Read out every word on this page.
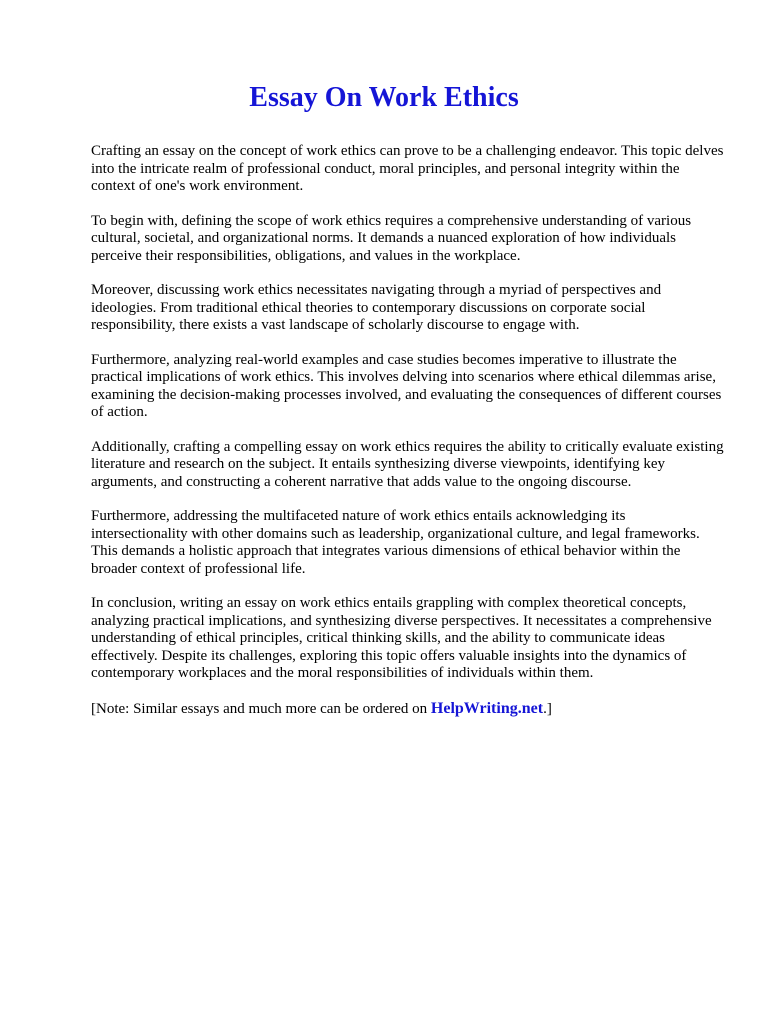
Essay On Work Ethics

Crafting an essay on the concept of work ethics can prove to be a challenging endeavor. This topic delves into the intricate realm of professional conduct, moral principles, and personal integrity within the context of one's work environment.

To begin with, defining the scope of work ethics requires a comprehensive understanding of various cultural, societal, and organizational norms. It demands a nuanced exploration of how individuals perceive their responsibilities, obligations, and values in the workplace.

Moreover, discussing work ethics necessitates navigating through a myriad of perspectives and ideologies. From traditional ethical theories to contemporary discussions on corporate social responsibility, there exists a vast landscape of scholarly discourse to engage with.

Furthermore, analyzing real-world examples and case studies becomes imperative to illustrate the practical implications of work ethics. This involves delving into scenarios where ethical dilemmas arise, examining the decision-making processes involved, and evaluating the consequences of different courses of action.

Additionally, crafting a compelling essay on work ethics requires the ability to critically evaluate existing literature and research on the subject. It entails synthesizing diverse viewpoints, identifying key arguments, and constructing a coherent narrative that adds value to the ongoing discourse.

Furthermore, addressing the multifaceted nature of work ethics entails acknowledging its intersectionality with other domains such as leadership, organizational culture, and legal frameworks. This demands a holistic approach that integrates various dimensions of ethical behavior within the broader context of professional life.

In conclusion, writing an essay on work ethics entails grappling with complex theoretical concepts, analyzing practical implications, and synthesizing diverse perspectives. It necessitates a comprehensive understanding of ethical principles, critical thinking skills, and the ability to communicate ideas effectively. Despite its challenges, exploring this topic offers valuable insights into the dynamics of contemporary workplaces and the moral responsibilities of individuals within them.

[Note: Similar essays and much more can be ordered on HelpWriting.net.]
